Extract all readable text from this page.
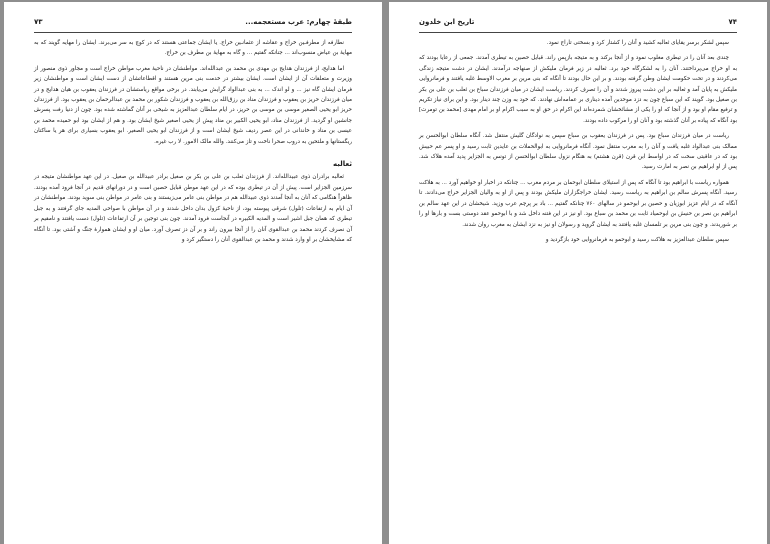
۷۳	طبقهٔ چهارم: عرب مستعجمه...

نطارفه از مطرفـین خراج و عقاشه از عثمانـین خراج. یا ایشان جماعتی هستند که در کوچ به سر می‌برند. ایشان را مهایه گویند که به مهایهٔ بن عیاض منسوب‌اند ... جنانکه گفتیم ... و گاه به مهایهٔ بن مطرف بن خراج.

اما هدایج، از فرزندان هدایج بن مهدی بن محمد بن عبدالله‌اند. مواطنشان در ناحیهٔ مغرب مواطن خراج است و مجاور ذوی منصور از وزیرت و متعلقات آن از ایشان است. ایشان بیشتر در خدمت بنی مرین هستند و اقطاعاتشان از دست ایشان است و مواطنشان زیر فرمان ایشان گاه نیز ... و لو اندک ... به بنی عبدالواد گرایش می‌یابند. در برخی مواقع ریاستشان در فرزندان یعقوب بن هیان هدایج و در میان فرزندان حریز بن یعقوب و فرزندان مناد بن رزق‌الله بن یعقوب و فرزندان شکور بن محمد بن عبدالرحمان بن یعقوب بود. از فرزندان حریز ابو یحیی الصغیر موسی بن موسی بن حریز، در ایام سلطان عبدالعزیز به شیخی بر آنان گماشته شده بود. چون از دنیا رفت پسرش جانشین او گردید. از فرزندان مناد، ابو یحیی الکبیر بن مناد پیش از یحیی اصغیر شیخ ایشان بود. و هم از ایشان بود ابو حمیده محمد بن عیسی بن مناد و خاندانی در این عصر ردیف شیخ ایشان است و از فرزندان ابو یحیی الصغیر. ابو یعقوب بسیاری برای هر یا ساکنان ریگستانها و ملتحین به دروب صحرا ناخت و تاز می‌کنند. والله مالک الامور. لا رب غیره.

ثعالبه

ثعالبه برادران ذوی عبیدالله‌اند. از فرزندان ثعلب بن علی بن بکر بن صغیل برادر عبیدالله بن صغیل. در این عهد مواطنشان متیجه در سرزمین الجزایر است. پیش از آن در تیطری بوده که در این عهد موطن قبایل حصین است و در دورانهای قدیم در آنجا فرود آمده بودند. ظاهراً هنگامی که آنان به آنجا آمدند ذوی عبیدالله هم در مواطن بنی عامر می‌زیستند و بنی عامر در مواطن بنی سوید بودند. مواطنشان در آن ایام به ارتفاعات (تلول) شرقی پیوسته بود، از ناحیهٔ کزول بدان داخل شدند و در آن مواطن با صواحی المدیه جای گرفتند و به جبل تیطری که همان جبل اشیر است و المدیه الکبیره در آنجاست فرود آمدند. چون بنی توجین بر آن ارتفاعات (تلول) دست یافتند و نامقیم بر آن نصرف کردند محمد بن عبدالقوی آنان را از آنجا بیرون راند و بر آن دز تصرف آورد. میان او و ایشان هموارهٔ جنگ و آشتی بود. تا آنگاه که مشایخشان بر او وارد شدند و محمد بن عبدالقوی آنان را دستگیر کرد و

۷۴
تاریخ ابن خلدون

سپس لشکر برسر یقایای ثعالبه کشید و آنان را کشتار کرد و بسختی تاراج نمود.

چندی بعد آنان را در تیطری مغلوب نمود و از آنجا برکند و به متیجه بازپس راند. قبایل حصین به تیطری آمدند. جمعی از رعایا بودند که به او خراج می‌پرداختند. آنان را به لشکرگاه خود برد. ثعالبه در زیر فرمان ملیکش از صنهاجه درآمدند. ایشان در دشت متیجه زندگی می‌کردند و در تحت حکومت ایشان وطن گرفته بودند. و بر این حال بودند تا آنگاه که بنی مرین بر مغرب الاوسط غلبه یافتند و فرمانروایی ملیکش به پایان آمد و ثعالبه بر این دشت پیروز شدند و آن را تصرف کردند. ریاست ایشان در میان فرزندان سباع بن ثعلب بن علی بن بکر بن صغیل بود. گویند که این سباع چون به دزد موحدین آمده دیناری بر عمامه‌اش نهادند. که خود به وزن چند دینار بود. و این برای نیاز تکریم و ترفیع مقام او بود و از آنجا که او را یکی از مشائخشان شمرده‌اند این اکرام در حق او به سبب اکرام او بر امام مهدی [محمد بن تومرت] بود آنگاه که پیاده بر آنان گذشته بود و آنان او را مرکوب داده بودند.

ریاست در میان فرزندان سباع بود. پس در فرزندان یعقوب بن سباع سپس به نوادگان گلیش منتقل شد. آنگاه سلطان ابوالحسن بر ممالک بنی عبدالواد غلبه یافت و آنان را به مغرب منتقل نمود. آنگاه فرمانروایی به ابوالحملات بن عایدین ثابت رسید و او پسر عم حبیش بود که در عاقبتی سخت که در اواسط ابن قرن (قرن هشتم) به هنگام نزول سلطان ابوالحسن از تونس به الجزایر پدید آمده هلاک شد. پس از او ابراهیم بن نصر به امارت رسید.

همواره ریاست با ابراهیم بود تا آنگاه که پس از استیلای سلطان ابوحمان بر مردم مغرب ... چنانکه در اخبار او خواهیم آورد ... به هلاکت رسید. آنگاه پسرش سالم بن ابراهیم به ریاست رسید. ایشان خراجگزاران ملیکش بودند و پس از او به والیان الجزایر خراج می‌دادند. تا آنگاه که در ایام عزیز ابوزیان و حصین بر ابوحمو در سالهای ۷۶۰ چنانکه گفتیم ... باد بر پرچم عرب وزید. شیخشان در این عهد سالم بن ابراهیم بن نصر بن حنیش بن ابوحمیاد ثابت بن محمد بن سباع بود. او نیز در این فتنه داخل شد و با ابوحمو عقد دوستی بست و بارها او را بر شوریدند. و چون بنی مرین بر تلمسان غلبه یافتند به ایشان گروید و رسولان او نیز به نزد ایشان به مغرب روان شدند.

سپس سلطان عبدالعزیز به هلاکت رسید و ابوحمو به فرمانروایی خود بازگردید و
